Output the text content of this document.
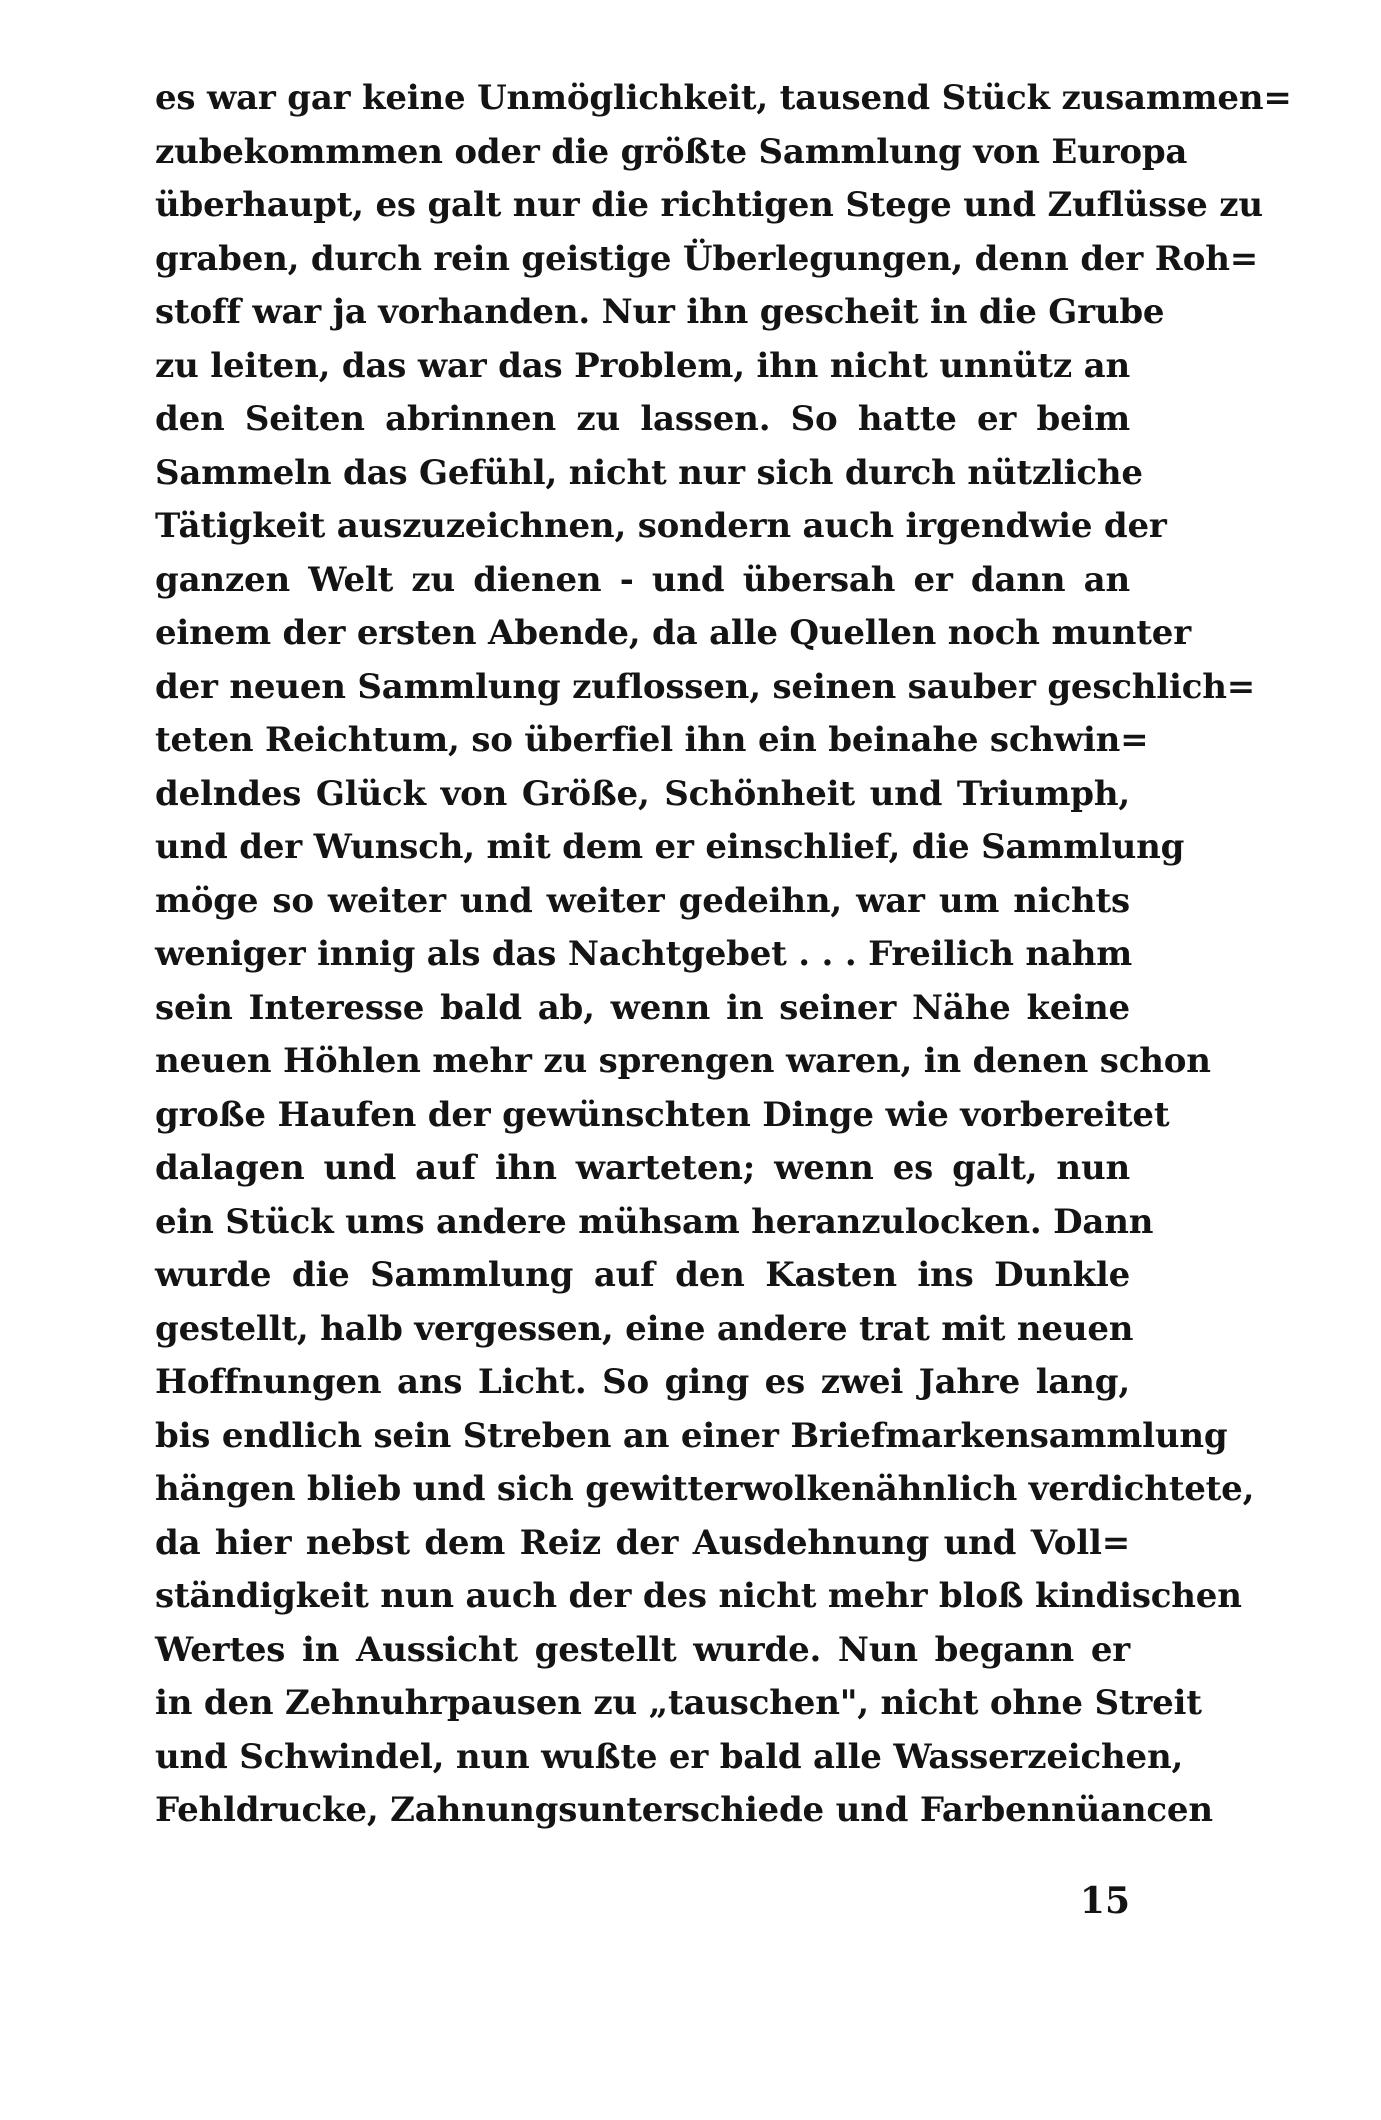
es war gar keine Unmöglichkeit, tausend Stück zusammen=
zubekommmen oder die größte Sammlung von Europa
überhaupt, es galt nur die richtigen Stege und Zuflüsse zu
graben, durch rein geistige Überlegungen, denn der Roh=
stoff war ja vorhanden. Nur ihn gescheit in die Grube
zu leiten, das war das Problem, ihn nicht unnütz an
den Seiten abrinnen zu lassen. So hatte er beim
Sammeln das Gefühl, nicht nur sich durch nützliche
Tätigkeit auszuzeichnen, sondern auch irgendwie der
ganzen Welt zu dienen - und übersah er dann an
einem der ersten Abende, da alle Quellen noch munter
der neuen Sammlung zuflossen, seinen sauber geschlich=
teten Reichtum, so überfiel ihn ein beinahe schwin=
delndes Glück von Größe, Schönheit und Triumph,
und der Wunsch, mit dem er einschlief, die Sammlung
möge so weiter und weiter gedeihn, war um nichts
weniger innig als das Nachtgebet . . . Freilich nahm
sein Interesse bald ab, wenn in seiner Nähe keine
neuen Höhlen mehr zu sprengen waren, in denen schon
große Haufen der gewünschten Dinge wie vorbereitet
dalagen und auf ihn warteten; wenn es galt, nun
ein Stück ums andere mühsam heranzulocken. Dann
wurde die Sammlung auf den Kasten ins Dunkle
gestellt, halb vergessen, eine andere trat mit neuen
Hoffnungen ans Licht. So ging es zwei Jahre lang,
bis endlich sein Streben an einer Briefmarkensammlung
hängen blieb und sich gewitterwolkenähnlich verdichtete,
da hier nebst dem Reiz der Ausdehnung und Voll=
ständigkeit nun auch der des nicht mehr bloß kindischen
Wertes in Aussicht gestellt wurde. Nun begann er
in den Zehnuhrpausen zu „tauschen", nicht ohne Streit
und Schwindel, nun wußte er bald alle Wasserzeichen,
Fehldrucke, Zahnungsunterschiede und Farbennüancen
15
